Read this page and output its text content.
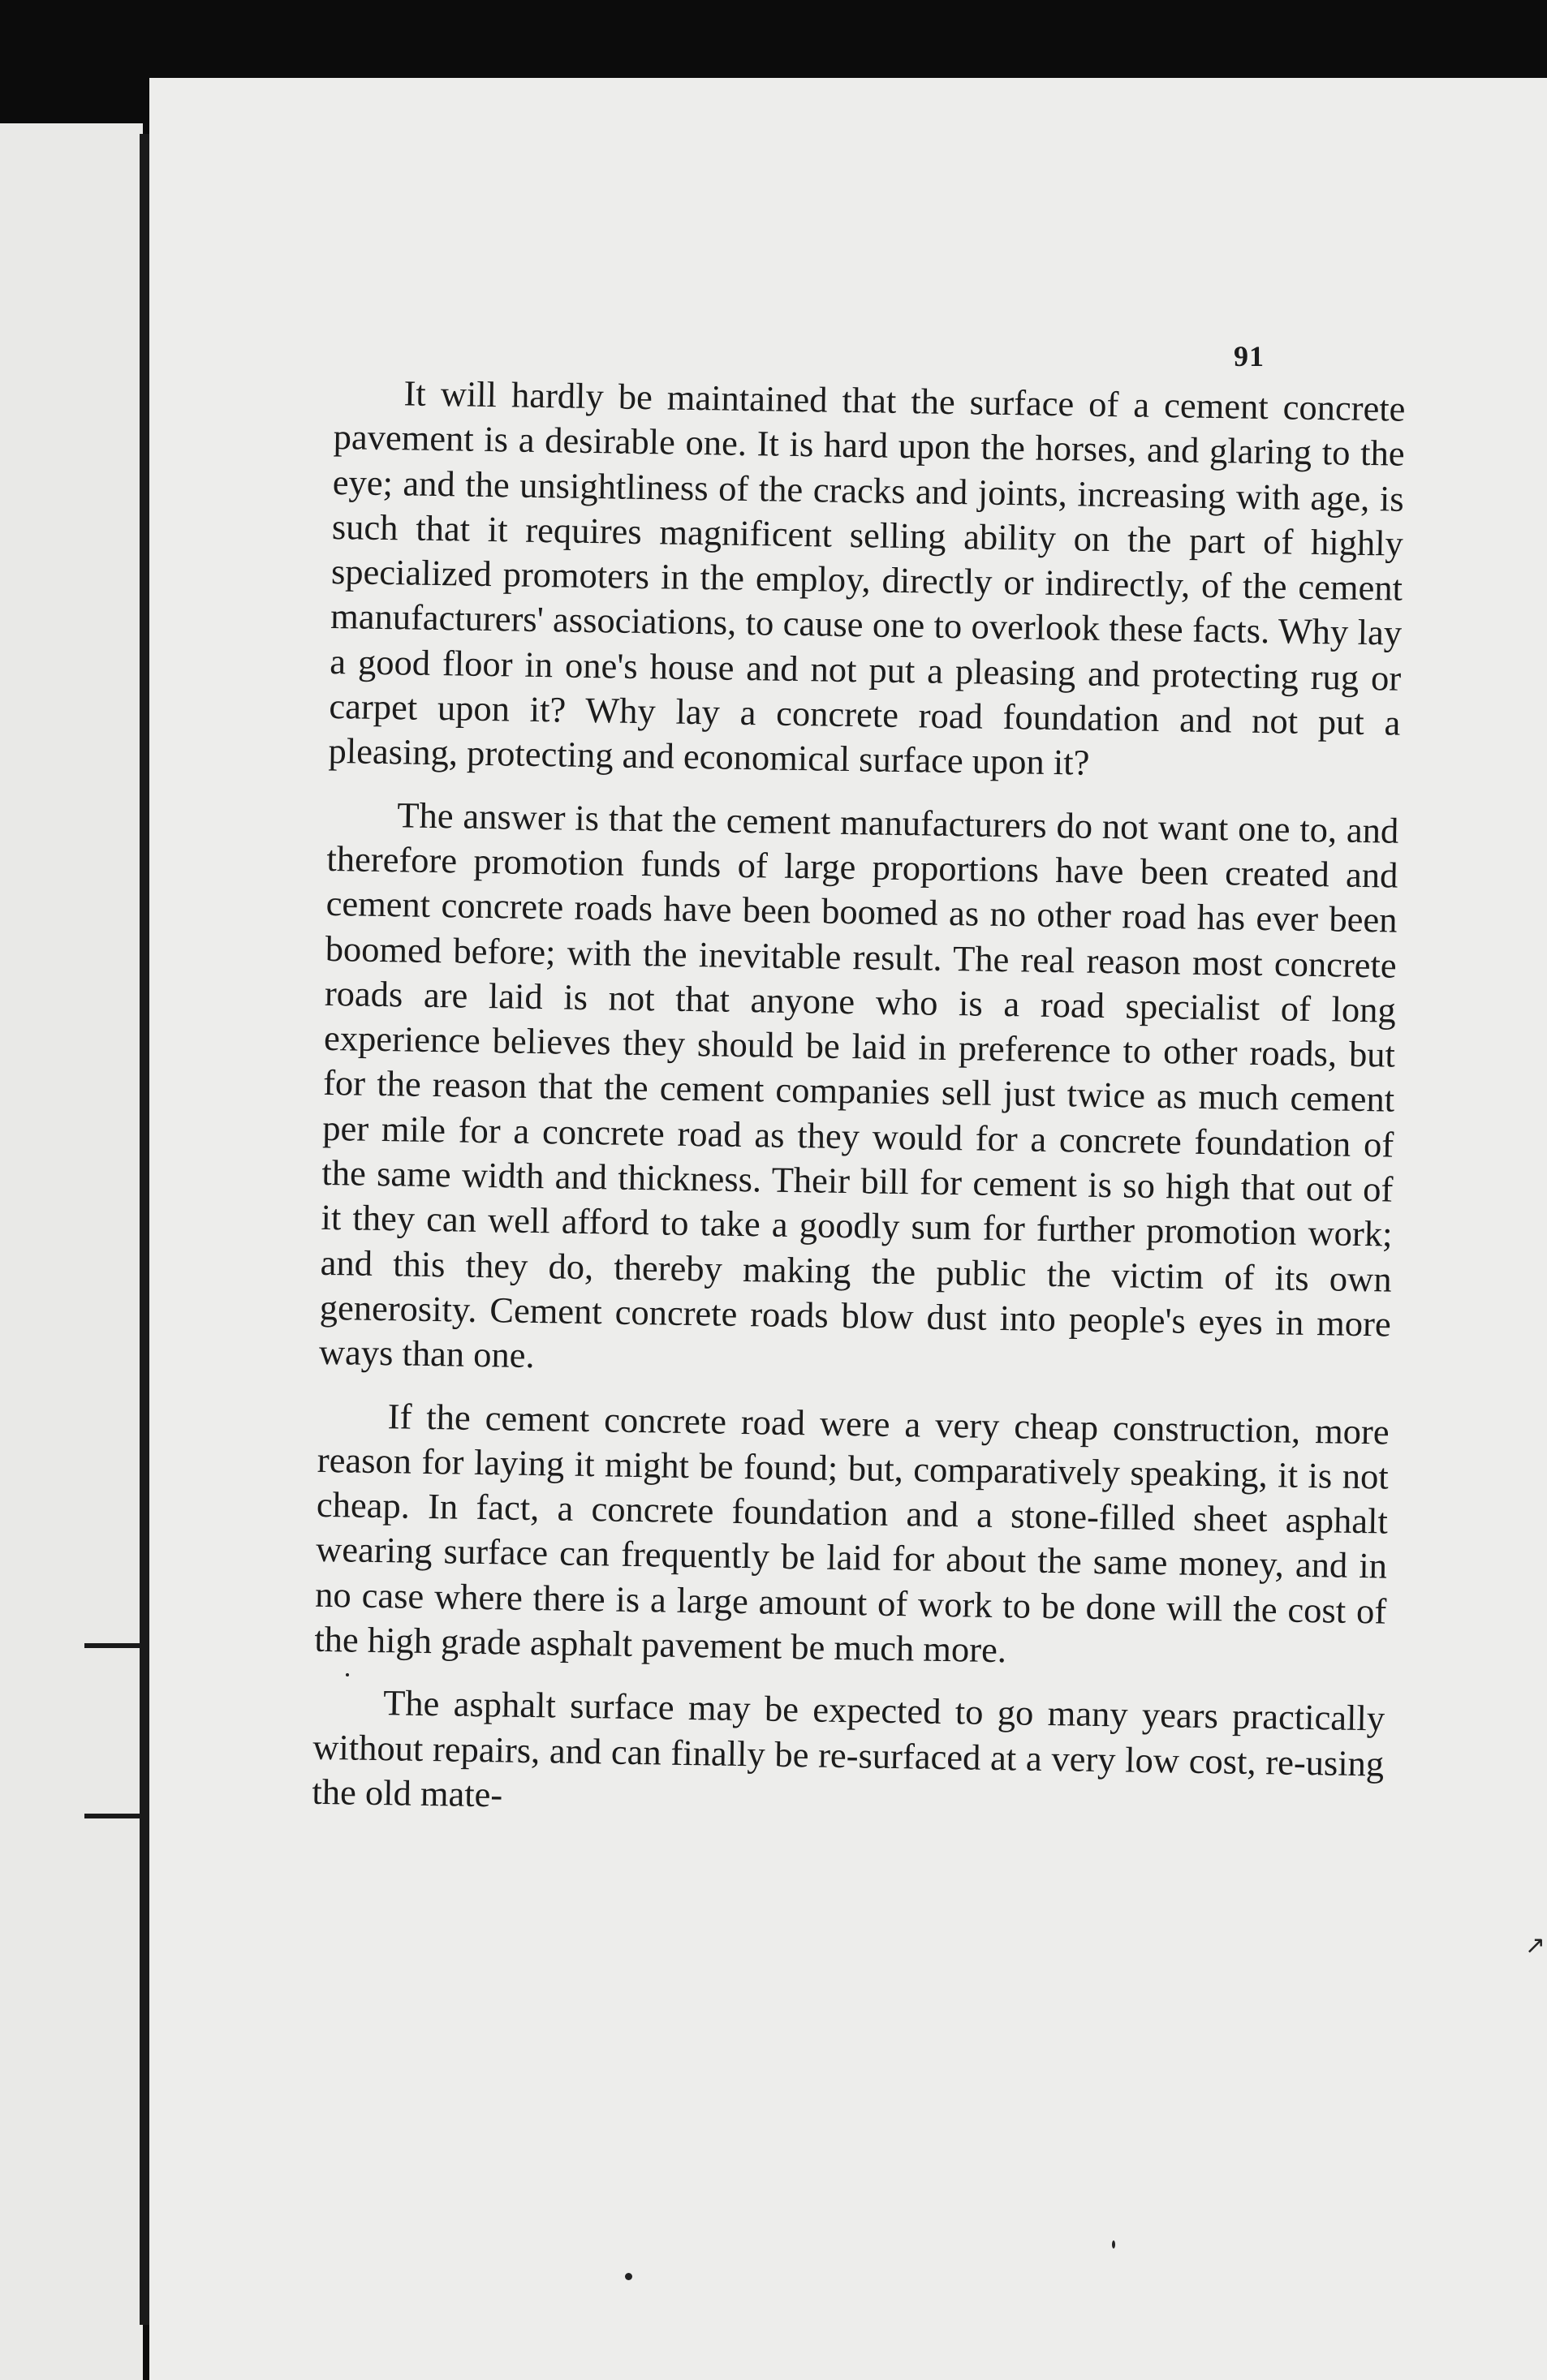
91

It will hardly be maintained that the surface of a cement concrete pavement is a desirable one. It is hard upon the horses, and glaring to the eye; and the unsightliness of the cracks and joints, increasing with age, is such that it requires magnificent selling ability on the part of highly specialized promoters in the employ, directly or indirectly, of the cement manufacturers' associations, to cause one to overlook these facts. Why lay a good floor in one's house and not put a pleasing and protecting rug or carpet upon it? Why lay a concrete road foundation and not put a pleasing, protecting and economical surface upon it?

The answer is that the cement manufacturers do not want one to, and therefore promotion funds of large proportions have been created and cement concrete roads have been boomed as no other road has ever been boomed before; with the inevitable result. The real reason most concrete roads are laid is not that anyone who is a road specialist of long experience believes they should be laid in preference to other roads, but for the reason that the cement companies sell just twice as much cement per mile for a concrete road as they would for a concrete foundation of the same width and thickness. Their bill for cement is so high that out of it they can well afford to take a goodly sum for further promotion work; and this they do, thereby making the public the victim of its own generosity. Cement concrete roads blow dust into people's eyes in more ways than one.

If the cement concrete road were a very cheap construction, more reason for laying it might be found; but, comparatively speaking, it is not cheap. In fact, a concrete foundation and a stone-filled sheet asphalt wearing surface can frequently be laid for about the same money, and in no case where there is a large amount of work to be done will the cost of the high grade asphalt pavement be much more.

The asphalt surface may be expected to go many years practically without repairs, and can finally be re-surfaced at a very low cost, re-using the old mate-

↗
